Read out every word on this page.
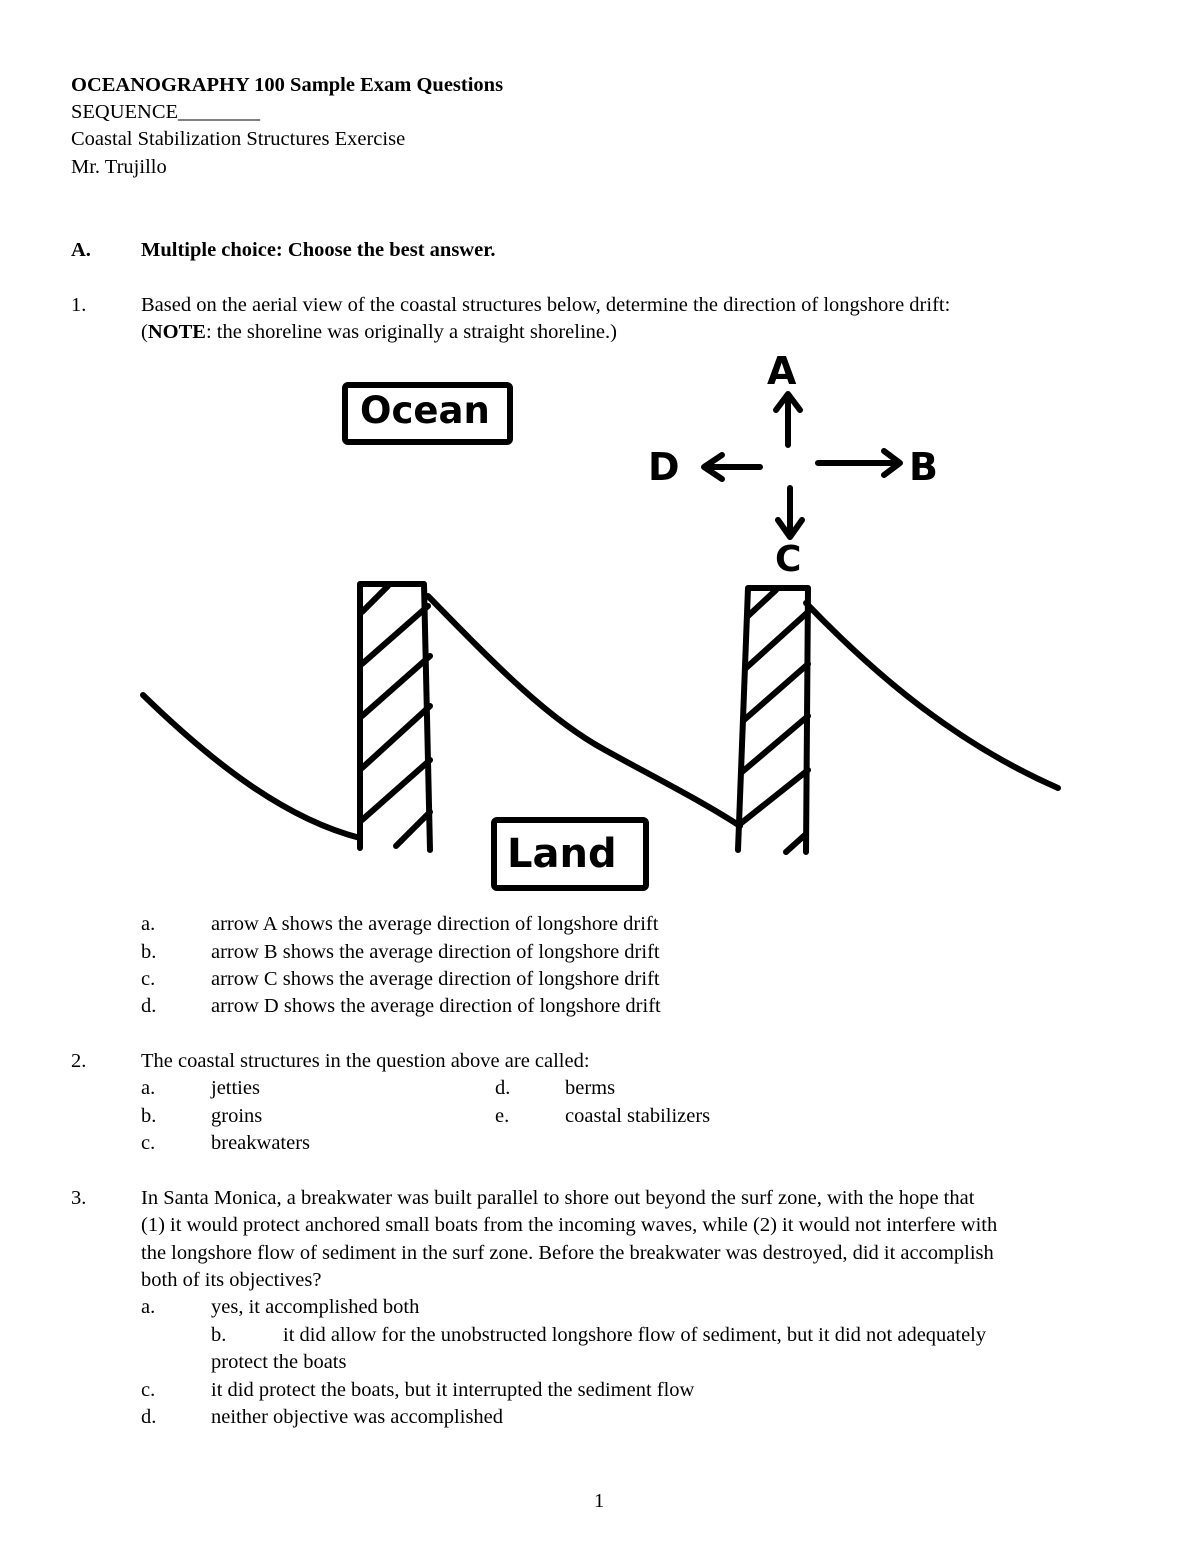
OCEANOGRAPHY 100 Sample Exam Questions
SEQUENCE________
Coastal Stabilization Structures Exercise
Mr. Trujillo
A. Multiple choice: Choose the best answer.
1.	Based on the aerial view of the coastal structures below, determine the direction of longshore drift:
(NOTE: the shoreline was originally a straight shoreline.)
Ocean
Land
A
B
C
D
a.	arrow A shows the average direction of longshore drift
b.	arrow B shows the average direction of longshore drift
c.	arrow C shows the average direction of longshore drift
d.	arrow D shows the average direction of longshore drift
2.	The coastal structures in the question above are called:
a.	jetties
b.	groins
c.	breakwaters
d.	berms
e.	coastal stabilizers
3.	In Santa Monica, a breakwater was built parallel to shore out beyond the surf zone, with the hope that
(1) it would protect anchored small boats from the incoming waves, while (2) it would not interfere with
the longshore flow of sediment in the surf zone. Before the breakwater was destroyed, did it accomplish
both of its objectives?
a.	yes, it accomplished both
b.	it did allow for the unobstructed longshore flow of sediment, but it did not adequately
protect the boats
c.	it did protect the boats, but it interrupted the sediment flow
d.	neither objective was accomplished
1
